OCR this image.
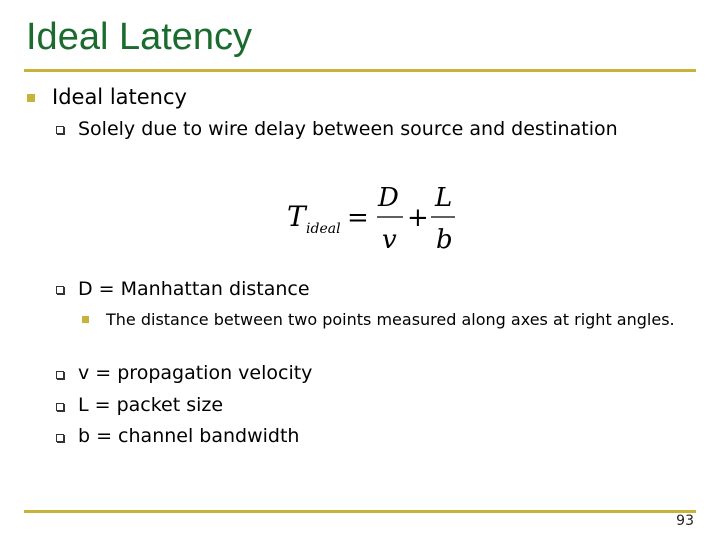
Ideal Latency
Ideal latency
Solely due to wire delay between source and destination
T ideal =
D
v
+
L
b
D = Manhattan distance
The distance between two points measured along axes at right angles.
v = propagation velocity
L = packet size
b = channel bandwidth
93
